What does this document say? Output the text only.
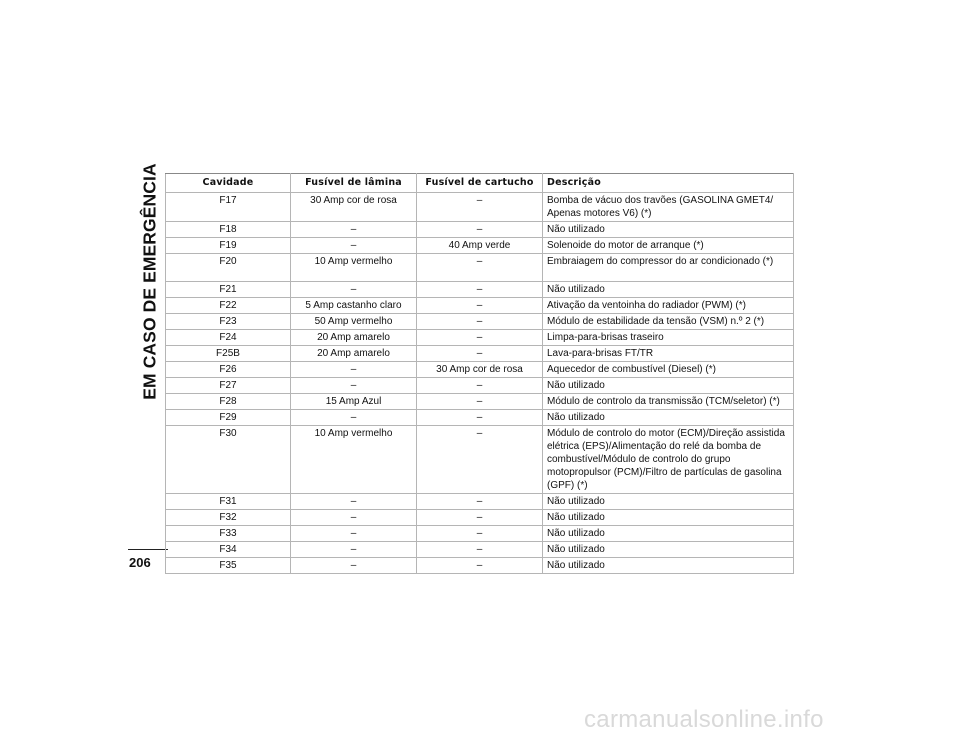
EM CASO DE EMERGÊNCIA
206
Cavidade	Fusível de lâmina	Fusível de cartucho	Descrição
F17	30 Amp cor de rosa	–	Bomba de vácuo dos travões (GASOLINA GMET4/ Apenas motores V6) (*)
F18	–	–	Não utilizado
F19	–	40 Amp verde	Solenoide do motor de arranque (*)
F20	10 Amp vermelho	–	Embraiagem do compressor do ar condicionado (*)
F21	–	–	Não utilizado
F22	5 Amp castanho claro	–	Ativação da ventoinha do radiador (PWM) (*)
F23	50 Amp vermelho	–	Módulo de estabilidade da tensão (VSM) n.º 2 (*)
F24	20 Amp amarelo	–	Limpa-para-brisas traseiro
F25B	20 Amp amarelo	–	Lava-para-brisas FT/TR
F26	–	30 Amp cor de rosa	Aquecedor de combustível (Diesel) (*)
F27	–	–	Não utilizado
F28	15 Amp Azul	–	Módulo de controlo da transmissão (TCM/seletor) (*)
F29	–	–	Não utilizado
F30	10 Amp vermelho	–	Módulo de controlo do motor (ECM)/Direção assistida elétrica (EPS)/Alimentação do relé da bomba de combustível/Módulo de controlo do grupo motopropulsor (PCM)/Filtro de partículas de gasolina (GPF) (*)
F31	–	–	Não utilizado
F32	–	–	Não utilizado
F33	–	–	Não utilizado
F34	–	–	Não utilizado
F35	–	–	Não utilizado
carmanualsonline.info
